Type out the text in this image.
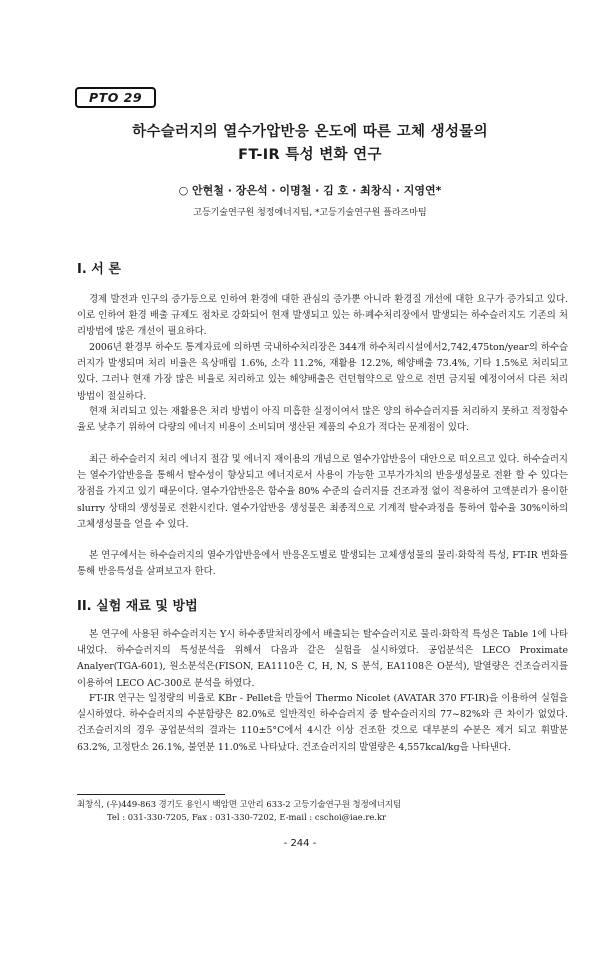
PTO 29
하수슬러지의 열수가압반응 온도에 따른 고체 생성물의
FT-IR 특성 변화 연구
○ 안현철 · 장은석 · 이명철 · 김 호 · 최창식 · 지영연*
고등기술연구원 청정에너지팀, *고등기술연구원 플라즈마팀
I. 서 론

경제 발전과 인구의 증가등으로 인하여 환경에 대한 관심의 증가뿐 아니라 환경질 개선에 대한 요구가 증가되고 있다. 이로 인하여 환경 배출 규제도 점차로 강화되어 현재 발생되고 있는 하·폐수처리장에서 발생되는 하수슬러지도 기존의 처리방법에 많은 개선이 필요하다.

2006년 환경부 하수도 통계자료에 의하면 국내하수처리장은 344개 하수처리시설에서2,742,475ton/year의 하수슬러지가 발생되며 처리 비율은 육상매립 1.6%, 소각 11.2%, 재활용 12.2%, 해양배출 73.4%, 기타 1.5%로 처리되고 있다. 그러나 현재 가장 많은 비율로 처리하고 있는 해양배출은 런던협약으로 앞으로 전면 금지될 예정이여서 다른 처리 방법이 절실하다.

현재 처리되고 있는 재활용은 처리 방법이 아직 미흡한 실정이여서 많은 양의 하수슬러지를 처리하지 못하고 적정함수율로 낮추기 위하여 다량의 에너지 비용이 소비되며 생산된 제품의 수요가 적다는 문제점이 있다.

최근 하수슬러지 처리 에너지 절감 및 에너지 재이용의 개념으로 열수가압반응이 대안으로 떠오르고 있다. 하수슬러지는 열수가압반응을 통해서 탈수성이 향상되고 에너지로서 사용이 가능한 고부가가치의 반응생성물로 전환 할 수 있다는 장점을 가지고 있기 때문이다. 열수가압반응은 함수율 80% 수준의 슬러지를 건조과정 없이 적용하여 고액분리가 용이한 slurry 상태의 생성물로 전환시킨다. 열수가압반응 생성물은 최종적으로 기계적 탈수과정을 통하여 함수율 30%이하의 고체생성물을 얻을 수 있다.

본 연구에서는 하수슬러지의 열수가압반응에서 반응온도별로 발생되는 고체생성물의 물리·화학적 특성, FT-IR 변화를 통해 반응특성을 살펴보고자 한다.

II. 실험 재료 및 방법

본 연구에 사용된 하수슬러지는 Y시 하수종말처리장에서 배출되는 탈수슬러지로 물리·화학적 특성은 Table 1에 나타내었다. 하수슬러지의 특성분석을 위해서 다음과 같은 실험을 실시하였다. 공업분석은 LECO Proximate Analyer(TGA-601), 원소분석은(FISON, EA1110은 C, H, N, S 분석, EA1108은 O분석), 발열량은 건조슬러지를 이용하여 LECO AC-300로 분석을 하였다.

FT-IR 연구는 일정량의 비율로 KBr - Pellet을 만들어 Thermo Nicolet (AVATAR 370 FT-IR)을 이용하여 실험을 실시하였다. 하수슬러지의 수분함량은 82.0%로 일반적인 하수슬러지 중 탈수슬러지의 77~82%와 큰 차이가 없었다. 건조슬러지의 경우 공업분석의 결과는 110±5°C에서 4시간 이상 건조한 것으로 대부분의 수분은 제거 되고 휘발분 63.2%, 고정탄소 26.1%, 불연분 11.0%로 나타났다. 건조슬러지의 발열량은 4,557kcal/kg을 나타낸다.

최창식, (우)449-863 경기도 용인시 백암면 고안리 633-2 고등기술연구원 청정에너지팀
Tel : 031-330-7205, Fax : 031-330-7202, E-mail : cschoi@iae.re.kr
- 244 -
